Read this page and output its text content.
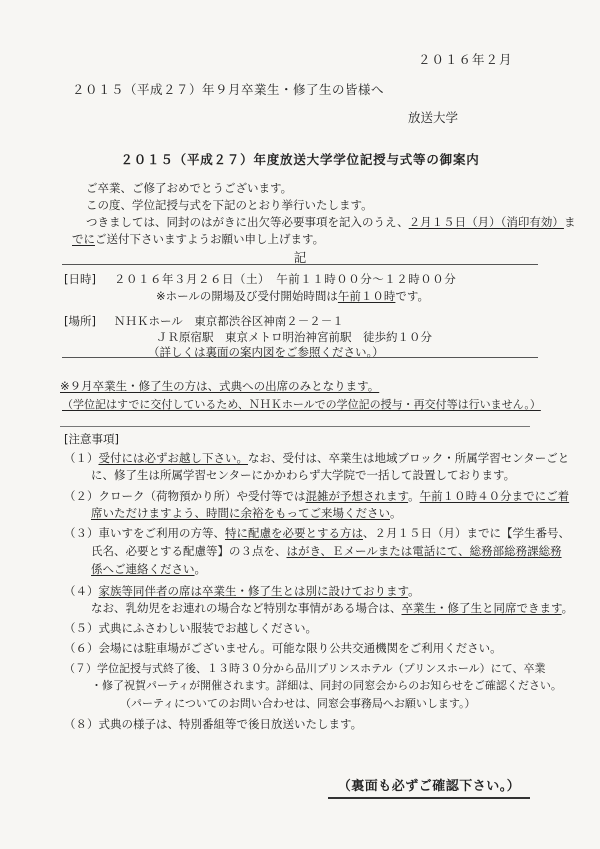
２０１６年２月
２０１５（平成２７）年９月卒業生・修了生の皆様へ
放送大学
２０１５（平成２７）年度放送大学学位記授与式等の御案内
ご卒業、ご修了おめでとうございます。
この度、学位記授与式を下記のとおり挙行いたします。
つきましては、同封のはがきに出欠等必要事項を記入のうえ、２月１５日（月）（消印有効）ま
でにご送付下さいますようお願い申し上げます。
記
[日時] ２０１６年３月２６日（土）　午前１１時００分～１２時００分
※ホールの開場及び受付開始時間は午前１０時です。
[場所] ＮＨＫホール　東京都渋谷区神南２－２－１
ＪＲ原宿駅　東京メトロ明治神宮前駅　徒歩約１０分
（詳しくは裏面の案内図をご参照ください。）
※９月卒業生・修了生の方は、式典への出席のみとなります。
（学位記はすでに交付しているため、ＮＨＫホールでの学位記の授与・再交付等は行いません。）
[注意事項]
（１）受付には必ずお越し下さい。なお、受付は、卒業生は地域ブロック・所属学習センターごと
に、修了生は所属学習センターにかかわらず大学院で一括して設置しております。
（２）クローク（荷物預かり所）や受付等では混雑が予想されます。午前１０時４０分までにご着
席いただけますよう、時間に余裕をもってご来場ください。
（３）車いすをご利用の方等、特に配慮を必要とする方は、２月１５日（月）までに【学生番号、
氏名、必要とする配慮等】の３点を、はがき、Ｅメールまたは電話にて、総務部総務課総務
係へご連絡ください。
（４）家族等同伴者の席は卒業生・修了生とは別に設けております。
なお、乳幼児をお連れの場合など特別な事情がある場合は、卒業生・修了生と同席できます。
（５）式典にふさわしい服装でお越しください。
（６）会場には駐車場がございません。可能な限り公共交通機関をご利用ください。
（７）学位記授与式終了後、１３時３０分から品川プリンスホテル（プリンスホール）にて、卒業
・修了祝賀パーティが開催されます。詳細は、同封の同窓会からのお知らせをご確認ください。
（パーティについてのお問い合わせは、同窓会事務局へお願いします。）
（８）式典の様子は、特別番組等で後日放送いたします。
（裏面も必ずご確認下さい。）
